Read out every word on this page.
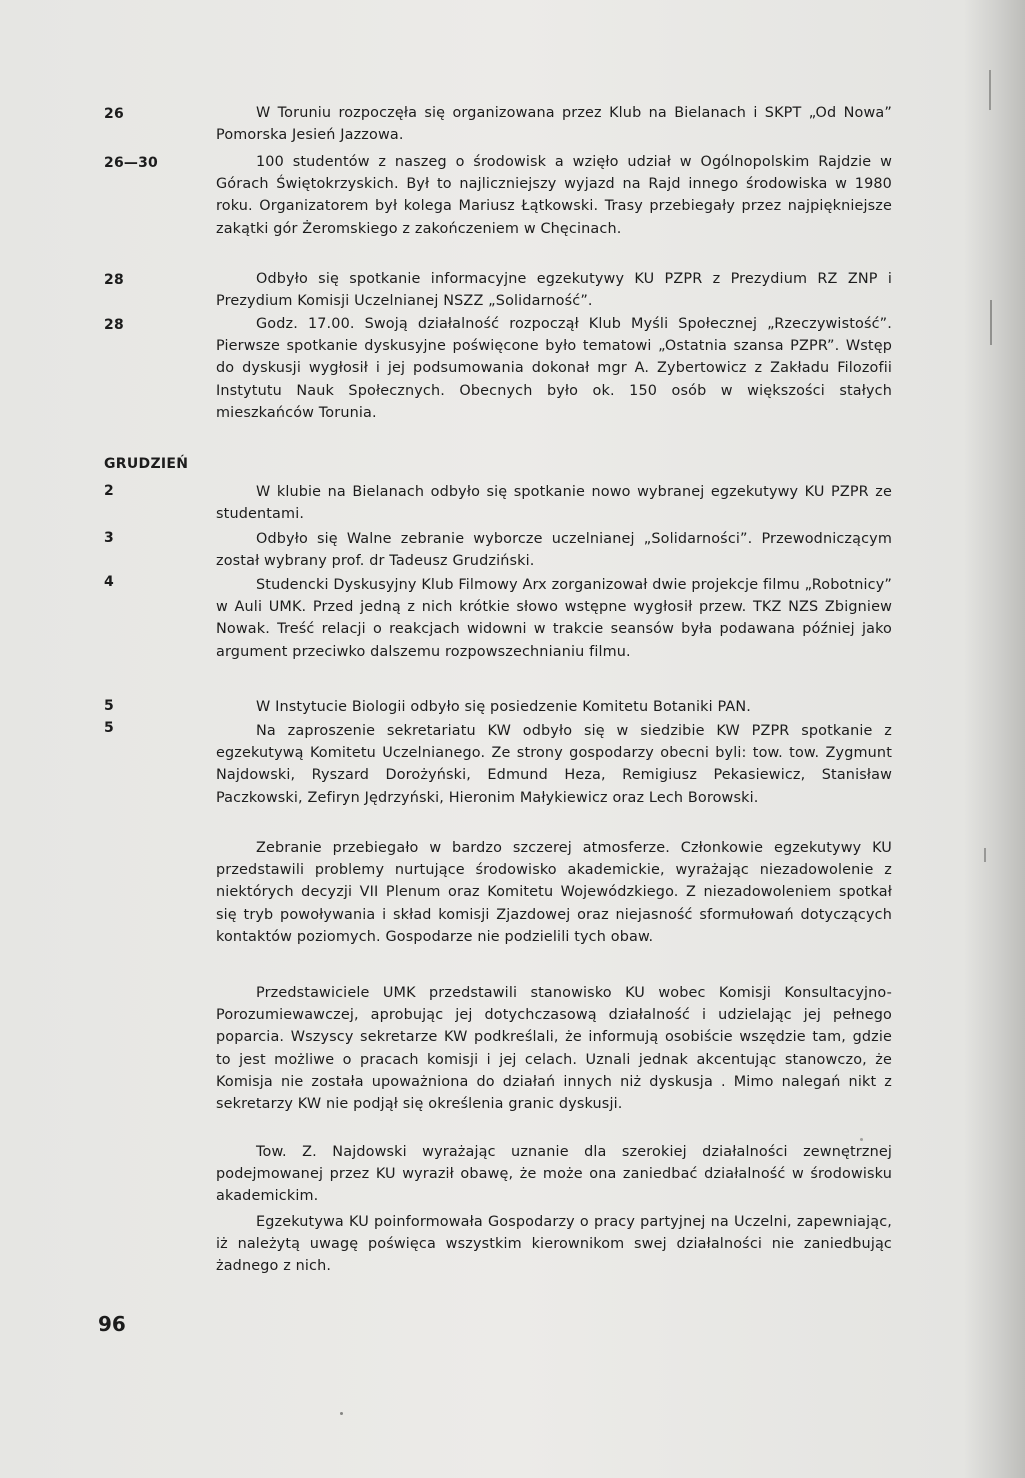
26	W Toruniu rozpoczęła się organizowana przez Klub na Bielanach i SKPT „Od Nowa” Pomorska Jesień Jazzowa.
26—30	100 studentów z naszeg o środowisk a wzięło udział w Ogólnopolskim Rajdzie w Górach Świętokrzyskich. Był to najliczniejszy wyjazd na Rajd innego środowiska w 1980 roku. Organizatorem był kolega Mariusz Łątkowski. Trasy przebiegały przez najpiękniejsze zakątki gór Żeromskiego z zakończeniem w Chęcinach.
28	Odbyło się spotkanie informacyjne egzekutywy KU PZPR z Prezydium RZ ZNP i Prezydium Komisji Uczelnianej NSZZ „Solidarność”.
28	Godz. 17.00. Swoją działalność rozpoczął Klub Myśli Społecznej „Rzeczywistość”. Pierwsze spotkanie dyskusyjne poświęcone było tematowi „Ostatnia szansa PZPR”. Wstęp do dyskusji wygłosił i jej podsumowania dokonał mgr A. Zybertowicz z Zakładu Filozofii Instytutu Nauk Społecznych. Obecnych było ok. 150 osób w większości stałych mieszkańców Torunia.
GRUDZIEŃ
2	W klubie na Bielanach odbyło się spotkanie nowo wybranej egzekutywy KU PZPR ze studentami.
3	Odbyło się Walne zebranie wyborcze uczelnianej „Solidarności”. Przewodniczącym został wybrany prof. dr Tadeusz Grudziński.
4	Studencki Dyskusyjny Klub Filmowy Arx zorganizował dwie projekcje filmu „Robotnicy” w Auli UMK. Przed jedną z nich krótkie słowo wstępne wygłosił przew. TKZ NZS Zbigniew Nowak. Treść relacji o reakcjach widowni w trakcie seansów była podawana później jako argument przeciwko dalszemu rozpowszechnianiu filmu.
5	W Instytucie Biologii odbyło się posiedzenie Komitetu Botaniki PAN.
5	Na zaproszenie sekretariatu KW odbyło się w siedzibie KW PZPR spotkanie z egzekutywą Komitetu Uczelnianego. Ze strony gospodarzy obecni byli: tow. tow. Zygmunt Najdowski, Ryszard Dorożyński, Edmund Heza, Remigiusz Pekasiewicz, Stanisław Paczkowski, Zefiryn Jędrzyński, Hieronim Małykiewicz oraz Lech Borowski.
Zebranie przebiegało w bardzo szczerej atmosferze. Członkowie egzekutywy KU przedstawili problemy nurtujące środowisko akademickie, wyrażając niezadowolenie z niektórych decyzji VII Plenum oraz Komitetu Wojewódzkiego. Z niezadowoleniem spotkał się tryb powoływania i skład komisji Zjazdowej oraz niejasność sformułowań dotyczących kontaktów poziomych. Gospodarze nie podzielili tych obaw.
Przedstawiciele UMK przedstawili stanowisko KU wobec Komisji Konsultacyjno-Porozumiewawczej, aprobując jej dotychczasową działalność i udzielając jej pełnego poparcia. Wszyscy sekretarze KW podkreślali, że informują osobiście wszędzie tam, gdzie to jest możliwe o pracach komisji i jej celach. Uznali jednak akcentując stanowczo, że Komisja nie została upoważniona do działań innych niż dyskusja . Mimo nalegań nikt z sekretarzy KW nie podjął się określenia granic dyskusji.
Tow. Z. Najdowski wyrażając uznanie dla szerokiej działalności zewnętrznej podejmowanej przez KU wyraził obawę, że może ona zaniedbać działalność w środowisku akademickim.
Egzekutywa KU poinformowała Gospodarzy o pracy partyjnej na Uczelni, zapewniając, iż należytą uwagę poświęca wszystkim kierownikom swej działalności nie zaniedbując żadnego z nich.
96
